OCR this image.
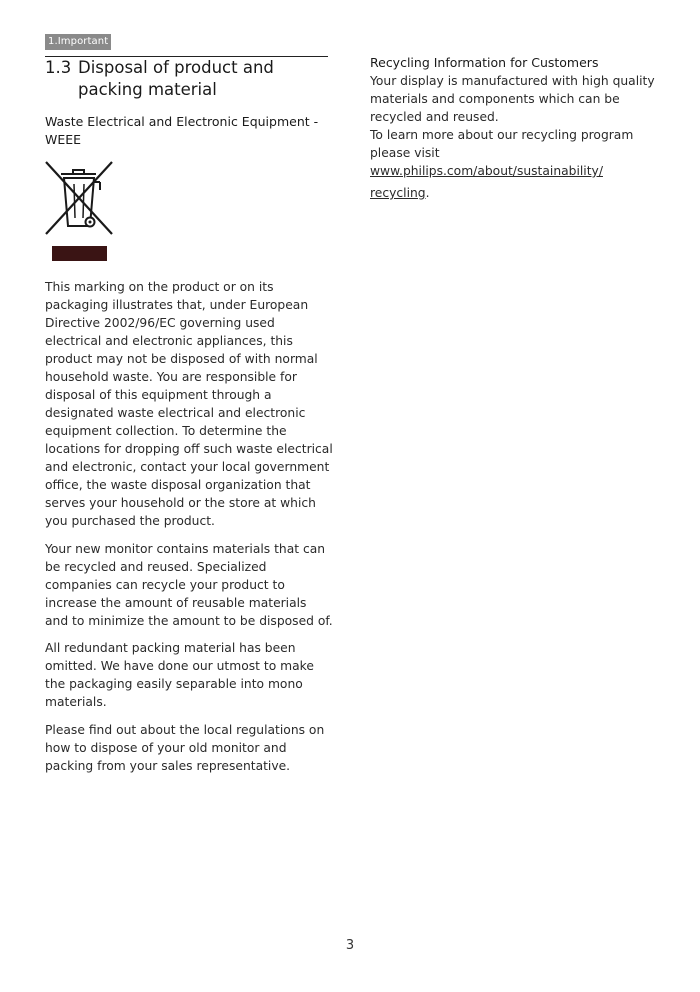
1.Important
1.3 Disposal of product and packing material
Waste Electrical and Electronic Equipment - WEEE

This marking on the product or on its packaging illustrates that, under European Directive 2002/96/EC governing used electrical and electronic appliances, this product may not be disposed of with normal household waste. You are responsible for disposal of this equipment through a designated waste electrical and electronic equipment collection. To determine the locations for dropping off such waste electrical and electronic, contact your local government office, the waste disposal organization that serves your household or the store at which you purchased the product.

Your new monitor contains materials that can be recycled and reused. Specialized companies can recycle your product to increase the amount of reusable materials and to minimize the amount to be disposed of.

All redundant packing material has been omitted. We have done our utmost to make the packaging easily separable into mono materials.

Please find out about the local regulations on how to dispose of your old monitor and packing from your sales representative.

Recycling Information for Customers
Your display is manufactured with high quality materials and components which can be recycled and reused.
To learn more about our recycling program please visit www.philips.com/about/sustainability/
recycling.
3
